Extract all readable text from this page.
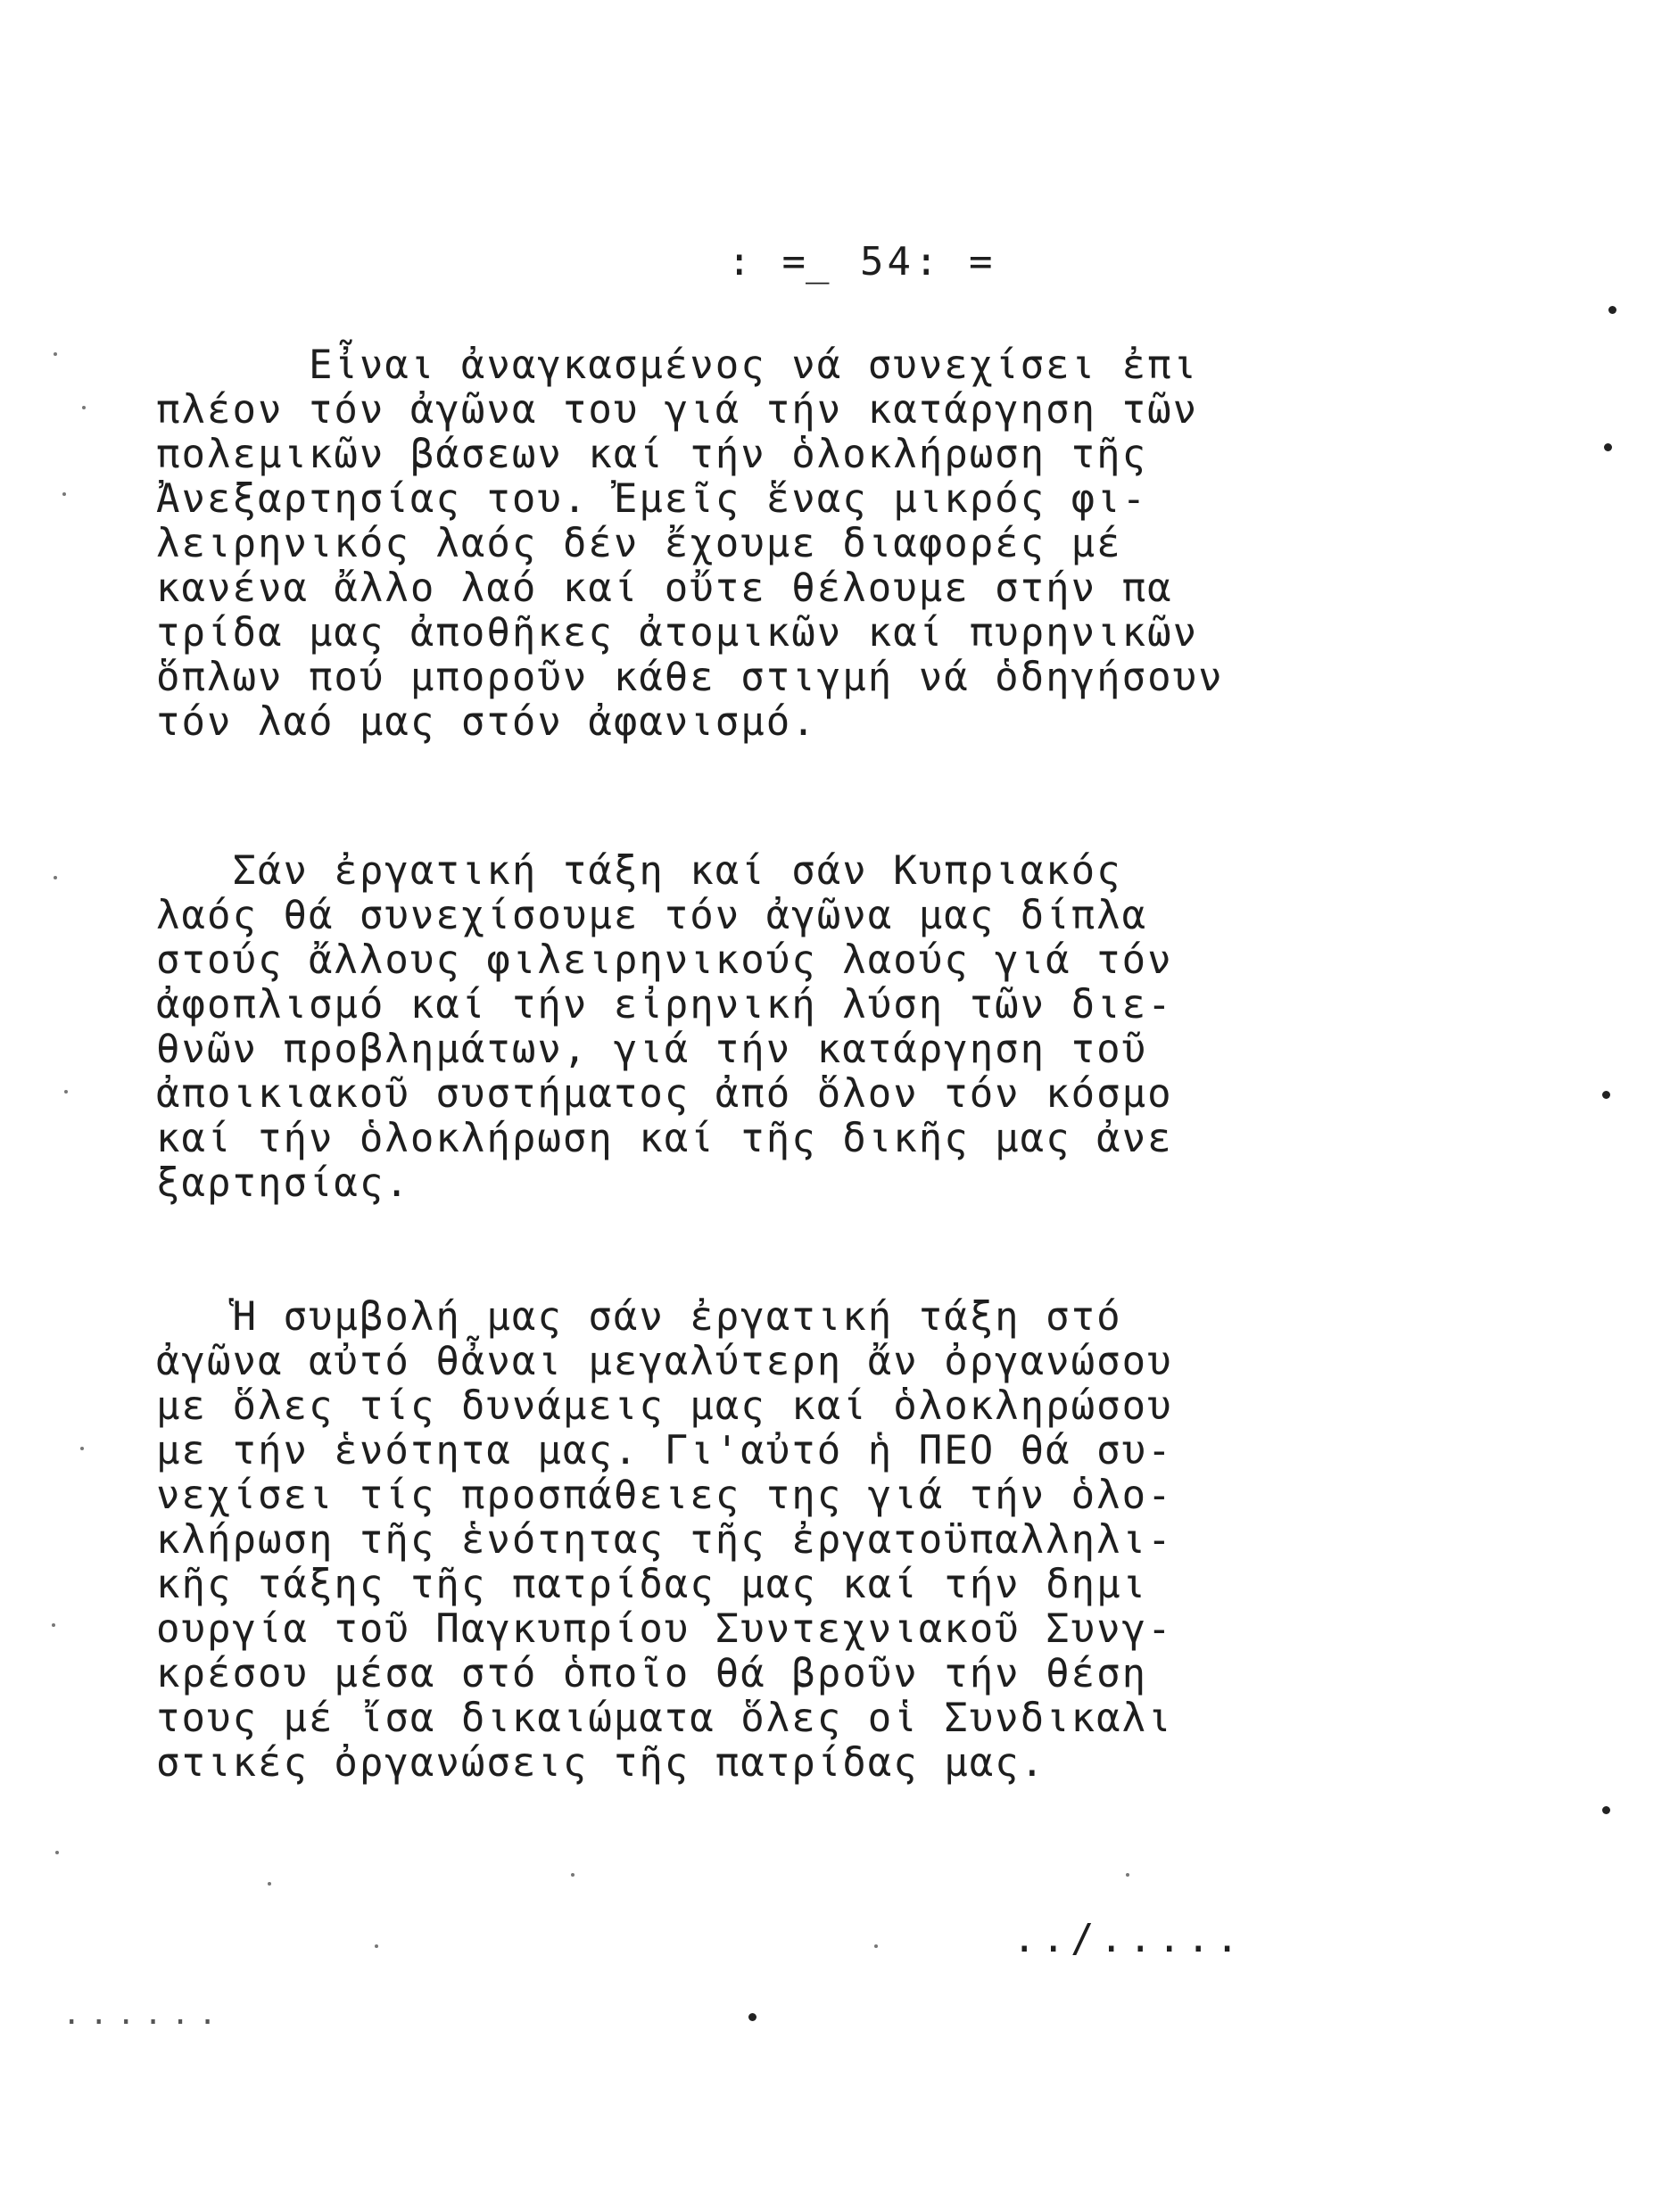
: =̲ 54: =
Εἶναι ἀναγκασμένος νά συνεχίσει ἐπι
πλέον τόν ἀγῶνα του γιά τήν κατάργηση τῶν
πολεμικῶν βάσεων καί τήν ὁλοκλήρωση τῆς
Ἀνεξαρτησίας του. Ἐμεῖς ἕνας μικρός φι-
λειρηνικός λαός δέν ἔχουμε διαφορές μέ
κανένα ἄλλο λαό καί οὔτε θέλουμε στήν πα
τρίδα μας ἀποθῆκες ἀτομικῶν καί πυρηνικῶν
ὅπλων πού μποροῦν κάθε στιγμή νά ὁδηγήσουν
τόν λαό μας στόν ἀφανισμό.
Σάν ἐργατική τάξη καί σάν Κυπριακός
λαός θά συνεχίσουμε τόν ἀγῶνα μας δίπλα
στούς ἄλλους φιλειρηνικούς λαούς γιά τόν
ἀφοπλισμό καί τήν εἰρηνική λύση τῶν διε-
θνῶν προβλημάτων, γιά τήν κατάργηση τοῦ
ἀποικιακοῦ συστήματος ἀπό ὅλον τόν κόσμο
καί τήν ὁλοκλήρωση καί τῆς δικῆς μας ἀνε
ξαρτησίας.
Ἡ συμβολή μας σάν ἐργατική τάξη στό
ἀγῶνα αὐτό θἆναι μεγαλύτερη ἄν ὀργανώσου
με ὅλες τίς δυνάμεις μας καί ὁλοκληρώσου
με τήν ἑνότητα μας. Γι'αὐτό ἡ ΠΕΟ θά συ-
νεχίσει τίς προσπάθειες της γιά τήν ὁλο-
κλήρωση τῆς ἑνότητας τῆς ἐργατοϋπαλληλι-
κῆς τάξης τῆς πατρίδας μας καί τήν δημι
ουργία τοῦ Παγκυπρίου Συντεχνιακοῦ Συνγ-
κρέσου μέσα στό ὁποῖο θά βροῦν τήν θέση
τους μέ ἴσα δικαιώματα ὅλες οἱ Συνδικαλι
στικές ὀργανώσεις τῆς πατρίδας μας.
../.....
......
